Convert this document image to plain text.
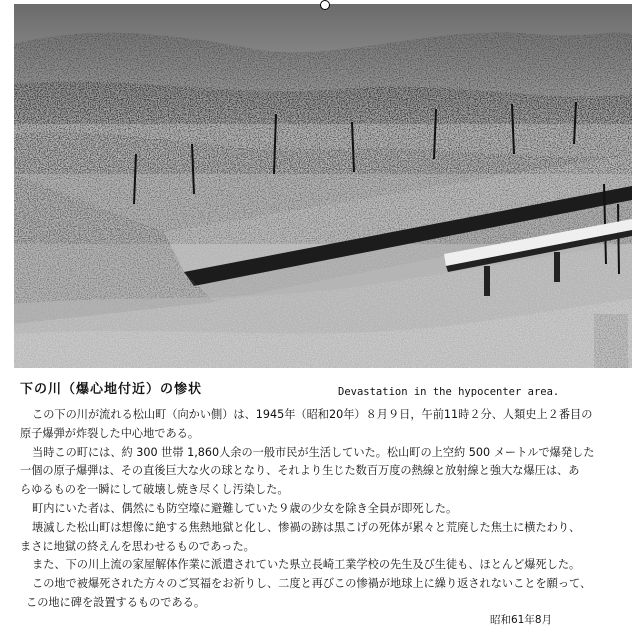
下の川（爆心地付近）の惨状	Devastation in the hypocenter area.

この下の川が流れる松山町（向かい側）は、1945年（昭和20年）８月９日，午前11時２分、人類史上２番目の

原子爆弾が炸裂した中心地である。

当時この町には、約 300 世帯 1,860人余の一般市民が生活していた。松山町の上空約 500 メートルで爆発した

一個の原子爆弾は、その直後巨大な火の球となり、それより生じた数百万度の熱線と放射線と強大な爆圧は、あ

らゆるものを一瞬にして破壊し焼き尽くし汚染した。

町内にいた者は、偶然にも防空壕に避難していた９歳の少女を除き全員が即死した。

壊滅した松山町は想像に絶する焦熱地獄と化し、惨禍の跡は黒こげの死体が累々と荒廃した焦土に横たわり、

まさに地獄の終えんを思わせるものであった。

また、下の川上流の家屋解体作業に派遣されていた県立長崎工業学校の先生及び生徒も、ほとんど爆死した。

この地で被爆死された方々のご冥福をお祈りし、二度と再びこの惨禍が地球上に繰り返されないことを願って、

この地に碑を設置するものである。

昭和61年8月
